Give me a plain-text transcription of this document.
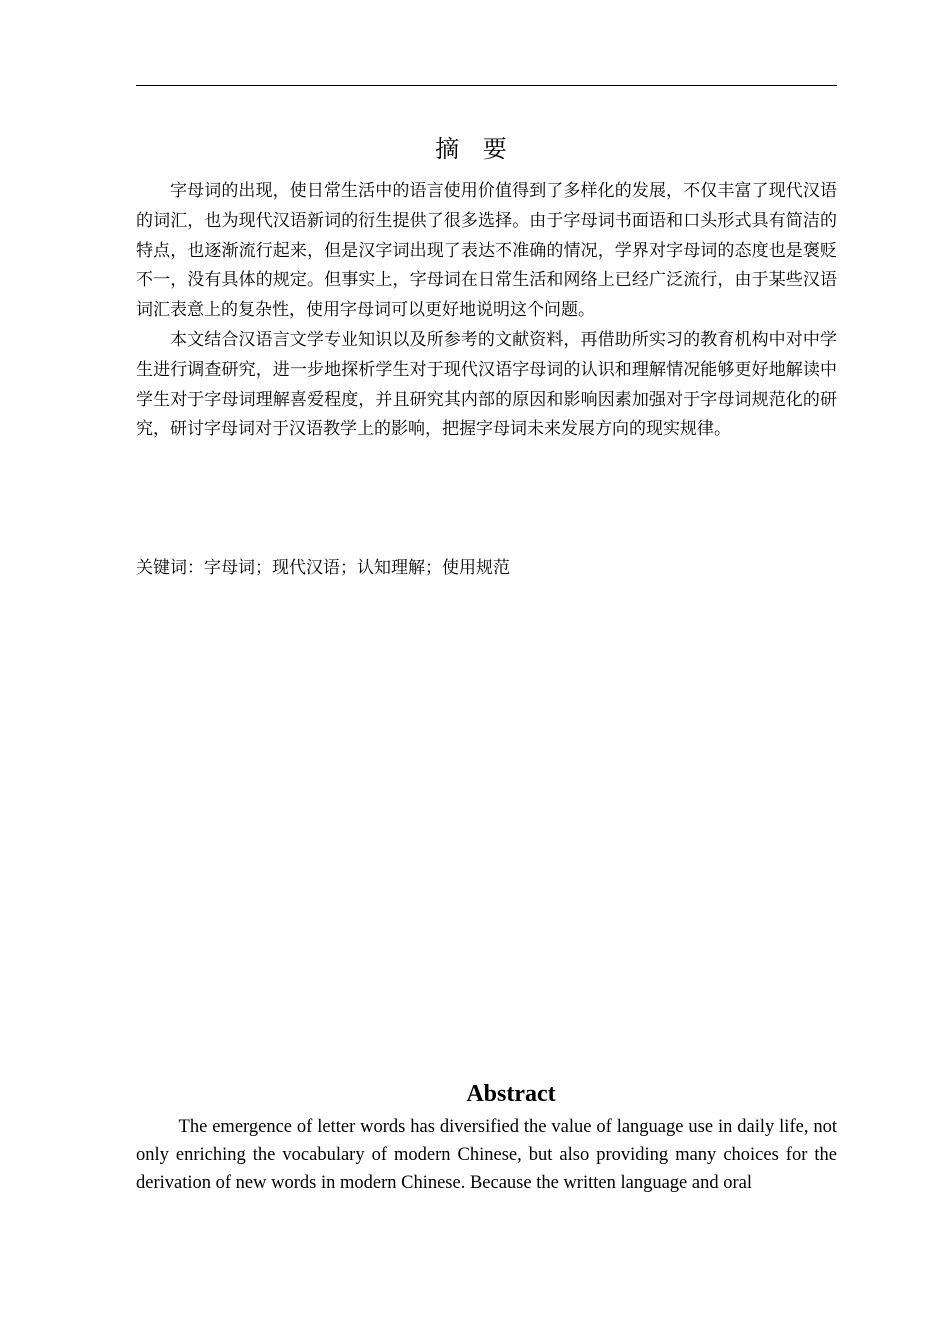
摘 要

字母词的出现，使日常生活中的语言使用价值得到了多样化的发展，不仅丰富了现代汉语的词汇，也为现代汉语新词的衍生提供了很多选择。由于字母词书面语和口头形式具有简洁的特点，也逐渐流行起来，但是汉字词出现了表达不准确的情况，学界对字母词的态度也是褒贬不一，没有具体的规定。但事实上，字母词在日常生活和网络上已经广泛流行，由于某些汉语词汇表意上的复杂性，使用字母词可以更好地说明这个问题。

本文结合汉语言文学专业知识以及所参考的文献资料，再借助所实习的教育机构中对中学生进行调查研究，进一步地探析学生对于现代汉语字母词的认识和理解情况能够更好地解读中学生对于字母词理解喜爱程度，并且研究其内部的原因和影响因素加强对于字母词规范化的研究，研讨字母词对于汉语教学上的影响，把握字母词未来发展方向的现实规律。

关键词：字母词；现代汉语；认知理解；使用规范
Abstract

The emergence of letter words has diversified the value of language use in daily life, not only enriching the vocabulary of modern Chinese, but also providing many choices for the derivation of new words in modern Chinese. Because the written language and oral
